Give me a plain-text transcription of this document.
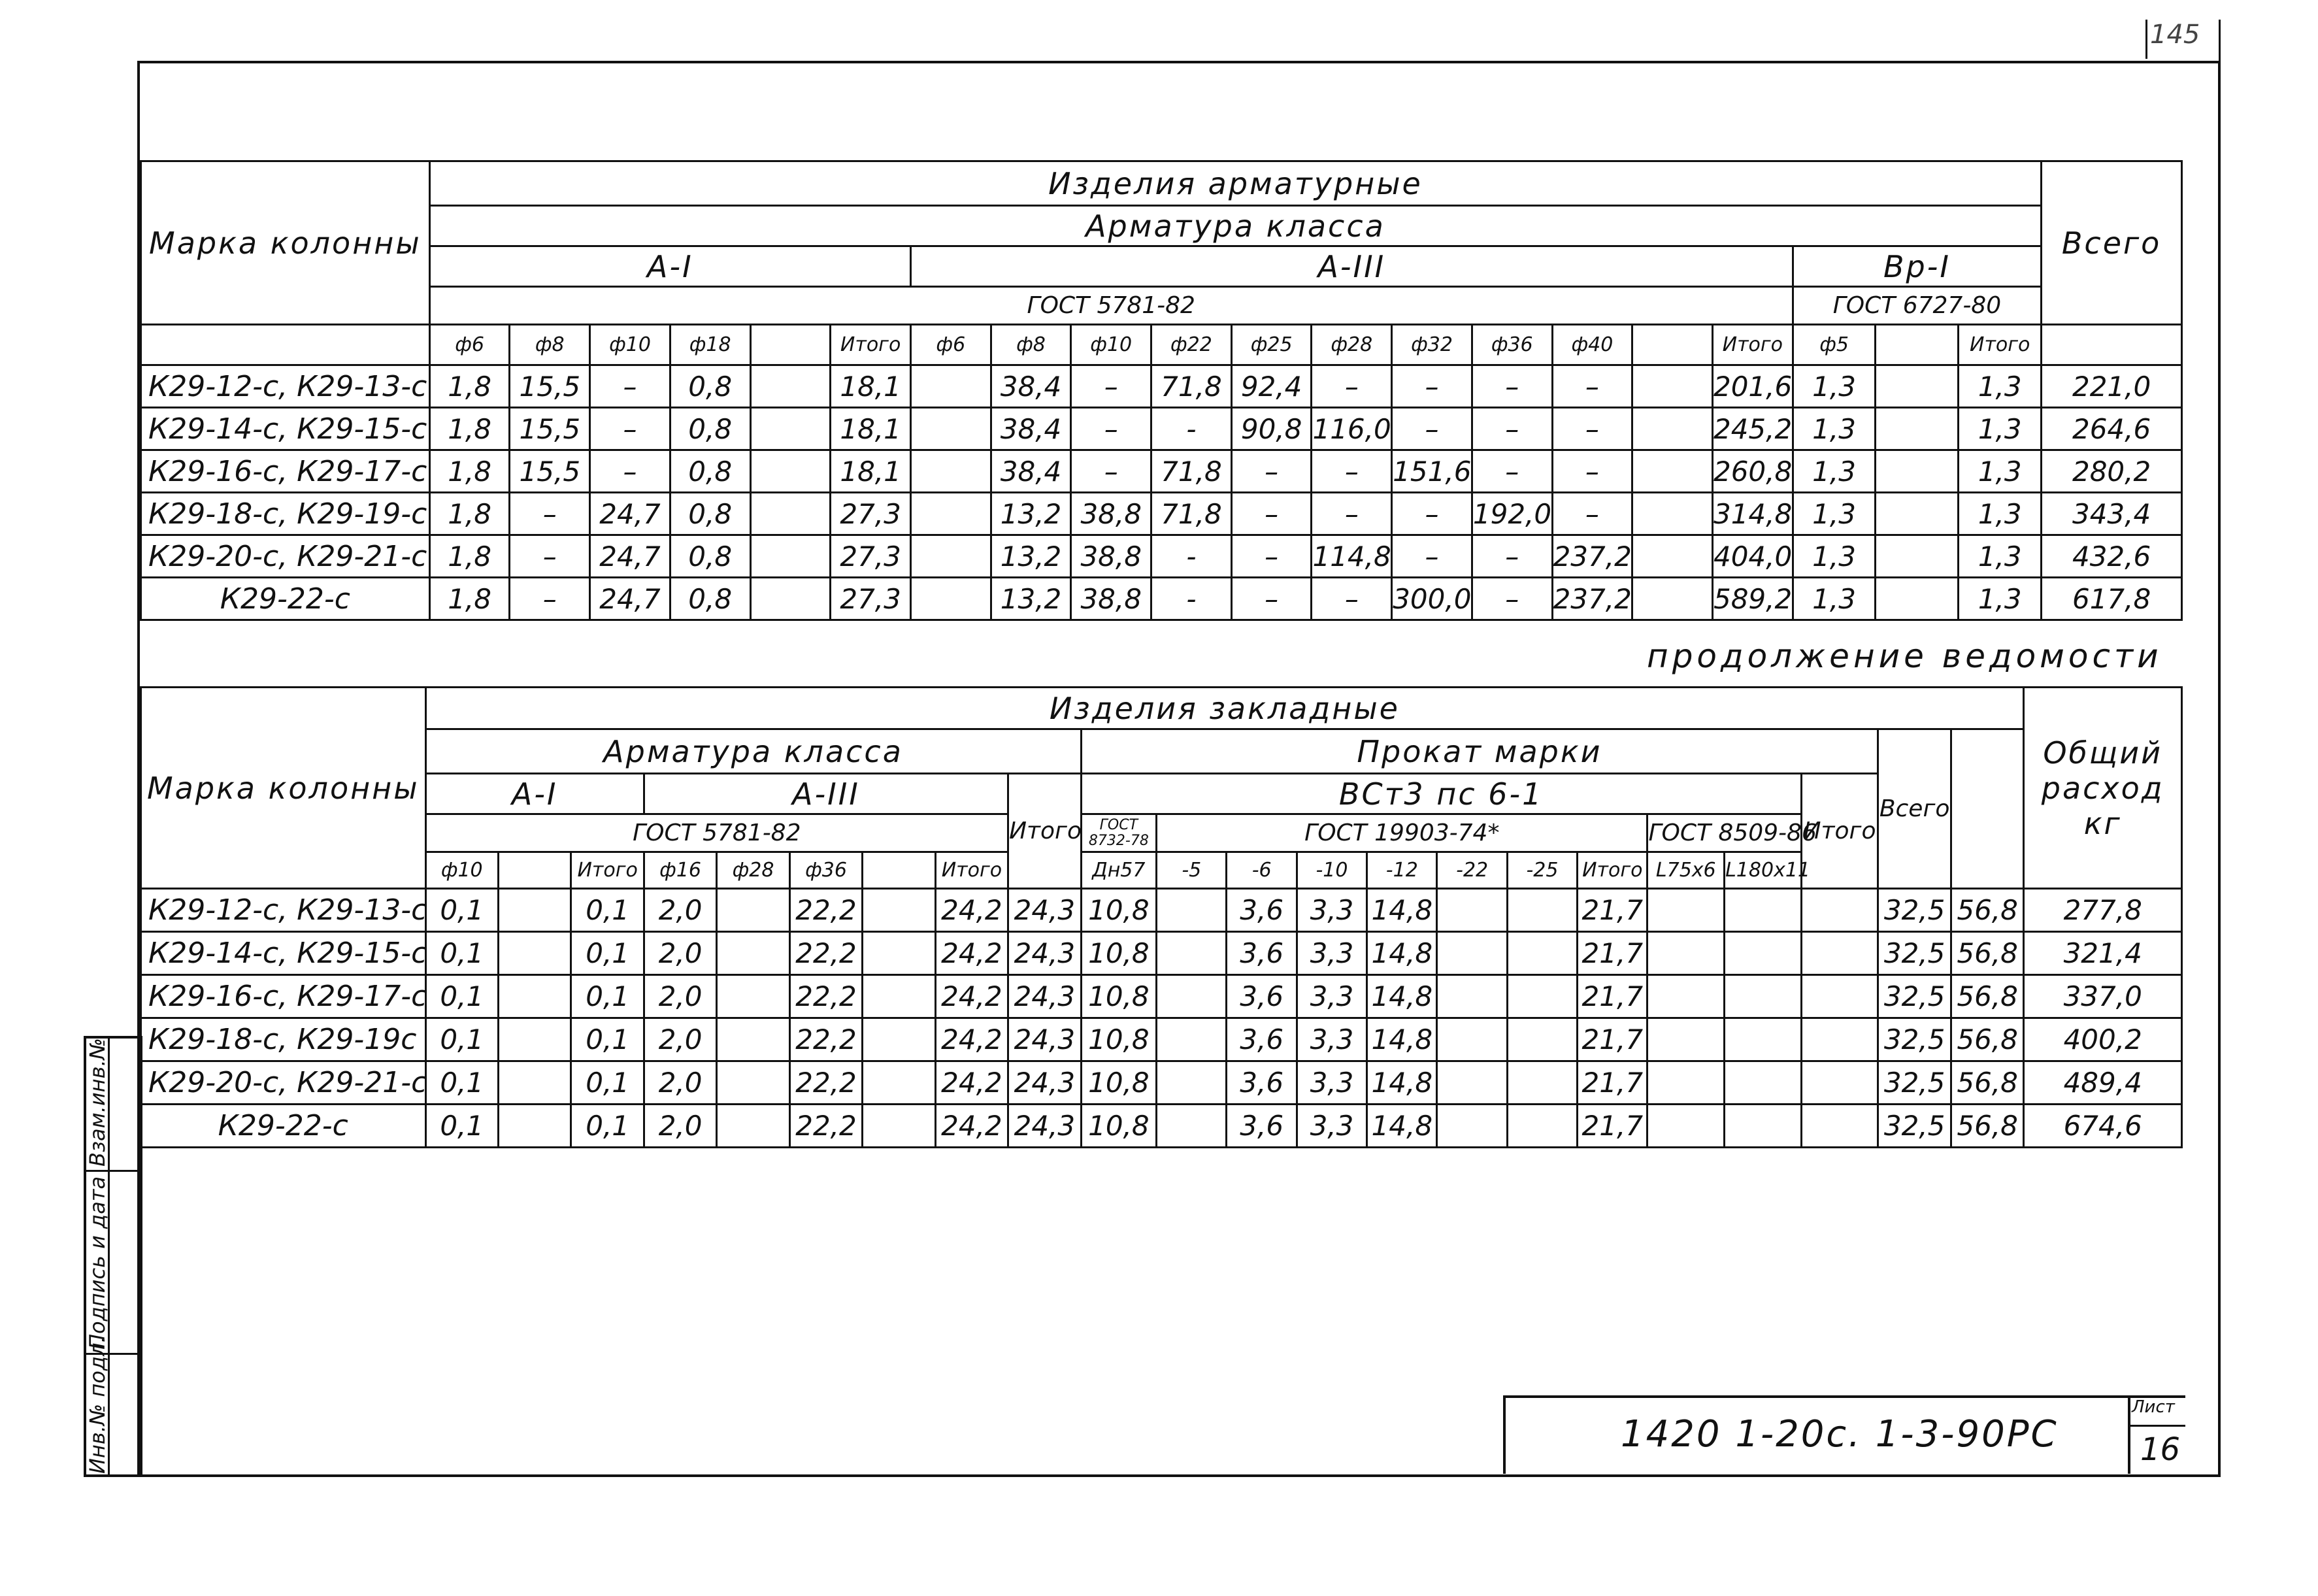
145
Марка колонны	Изделия арматурные																				Всего
	Арматура класса																				
	А-I						А-III											Вр-I			
	ГОСТ 5781-82																	ГОСТ 6727-80			
	ф6	ф8	ф10	ф18		Итого	ф6	ф8	ф10	ф22	ф25	ф28	ф32	ф36	ф40		Итого	ф5		Итого	
К29-12-с, К29-13-с	1,8	15,5	–	0,8		18,1		38,4	–	71,8	92,4	–	–	–	–		201,6	1,3		1,3	221,0
К29-14-с, К29-15-с	1,8	15,5	–	0,8		18,1		38,4	–	-	90,8	116,0	–	–	–		245,2	1,3		1,3	264,6
К29-16-с, К29-17-с	1,8	15,5	–	0,8		18,1		38,4	–	71,8	–	–	151,6	–	–		260,8	1,3		1,3	280,2
К29-18-с, К29-19-с	1,8	–	24,7	0,8		27,3		13,2	38,8	71,8	–	–	–	192,0	–		314,8	1,3		1,3	343,4
К29-20-с, К29-21-с	1,8	–	24,7	0,8		27,3		13,2	38,8	-	–	114,8	–	–	237,2		404,0	1,3		1,3	432,6
К29-22-с	1,8	–	24,7	0,8		27,3		13,2	38,8	-	–	–	300,0	–	237,2		589,2	1,3		1,3	617,8
продолжение ведомости
Марка колонны	Изделия закладные																						Общий расход кг
	Арматура класса									Прокат марки											Всего	
	А-I			А-III					Итого	ВСт3 пс 6-1										Итого			
	ГОСТ 5781-82									ГОСТ 8732-78	ГОСТ 19903-74*							ГОСТ 8509-86					
	ф10		Итого	ф16	ф28	ф36		Итого		Дн57	-5	-6	-10	-12	-22	-25	Итого	L75х6	L180х11				
К29-12-с, К29-13-с	0,1		0,1	2,0		22,2		24,2	24,3	10,8		3,6	3,3	14,8			21,7				32,5	56,8	277,8
К29-14-с, К29-15-с	0,1		0,1	2,0		22,2		24,2	24,3	10,8		3,6	3,3	14,8			21,7				32,5	56,8	321,4
К29-16-с, К29-17-с	0,1		0,1	2,0		22,2		24,2	24,3	10,8		3,6	3,3	14,8			21,7				32,5	56,8	337,0
К29-18-с, К29-19с	0,1		0,1	2,0		22,2		24,2	24,3	10,8		3,6	3,3	14,8			21,7				32,5	56,8	400,2
К29-20-с, К29-21-с	0,1		0,1	2,0		22,2		24,2	24,3	10,8		3,6	3,3	14,8			21,7				32,5	56,8	489,4
К29-22-с	0,1		0,1	2,0		22,2		24,2	24,3	10,8		3,6	3,3	14,8			21,7				32,5	56,8	674,6
1420 1-20с. 1-3-90РС
Лист
16
Взам.инв.№
Подпись и дата
Инв.№ подл.
